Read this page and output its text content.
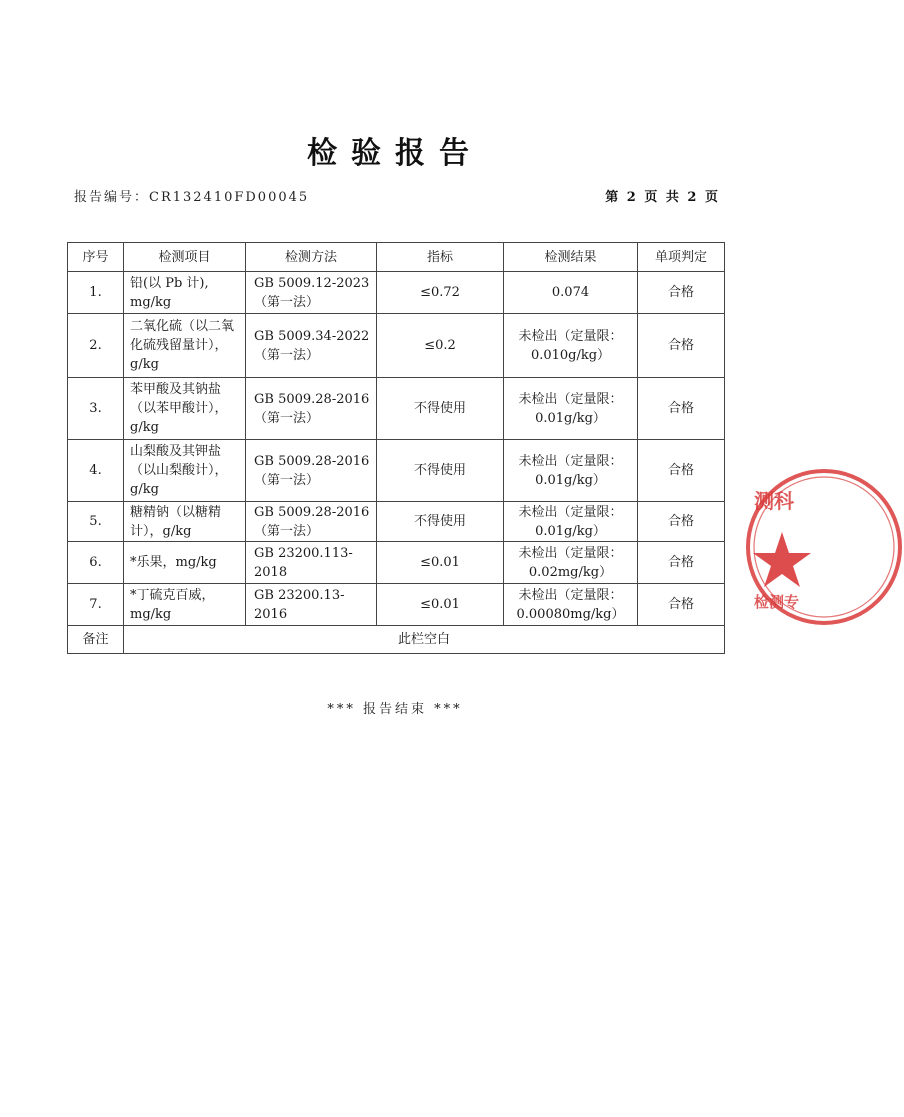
检验报告
报告编号：CR132410FD00045	第 2 页 共 2 页
序号	检测项目	检测方法	指标	检测结果	单项判定
1.	铅(以 Pb 计),
mg/kg	GB 5009.12-2023
（第一法）	≤0.72	0.074	合格
2.	二氧化硫（以二氧
化硫残留量计），
g/kg	GB 5009.34-2022
（第一法）	≤0.2	未检出（定量限：
0.010g/kg）	合格
3.	苯甲酸及其钠盐
（以苯甲酸计），
g/kg	GB 5009.28-2016
（第一法）	不得使用	未检出（定量限：
0.01g/kg）	合格
4.	山梨酸及其钾盐
（以山梨酸计），
g/kg	GB 5009.28-2016
（第一法）	不得使用	未检出（定量限：
0.01g/kg）	合格
5.	糖精钠（以糖精
计），g/kg	GB 5009.28-2016
（第一法）	不得使用	未检出（定量限：
0.01g/kg）	合格
6.	*乐果，mg/kg	GB 23200.113-2018	≤0.01	未检出（定量限：
0.02mg/kg）	合格
7.	*丁硫克百威，
mg/kg	GB 23200.13-2016	≤0.01	未检出（定量限：
0.00080mg/kg）	合格
备注	此栏空白				
*** 报告结束 ***
测科
检测专
